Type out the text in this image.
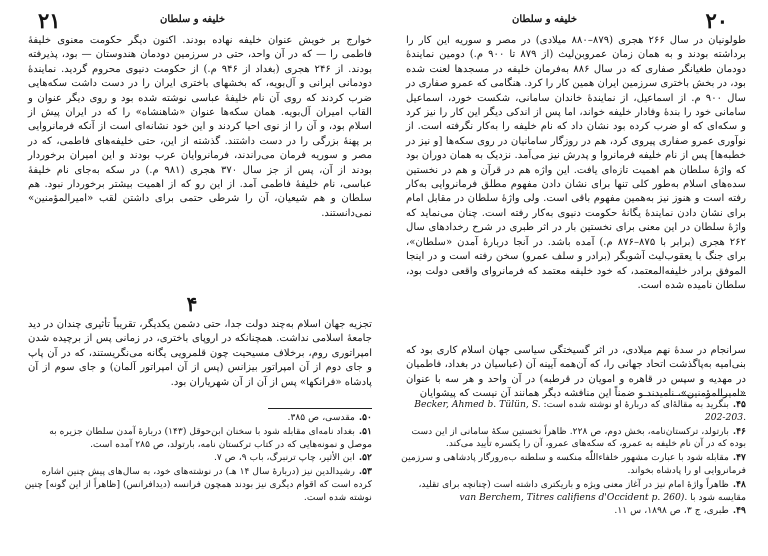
۲۱	خلیفه و سلطان
خوارج بر خویش عنوان خلیفه نهاده بودند. اکنون دیگر حکومت معنوی خلیفهٔ فاطمی را — که در آن واحد، حتی در سرزمین دودمان هندوستان — بود، پذیرفته بودند. از ۲۴۶ هجری (بغداد از ۹۴۶ م.) از حکومت دنیوی محروم گردید. نمایندهٔ دودمانی ایرانی و آل‌بویه، که بخشهای باختری ایران را در دست داشت سکه‌هایی ضرب کردند که روی آن نام خلیفهٔ عباسی نوشته شده بود و روی دیگر عنوان و القاب امیران آل‌بویه. همان سکه‌ها عنوان «شاهنشاه» را که در ایران پیش از اسلام بود، و آن را از نوی احیا کردند و این خود نشانه‌ای است از آنکه فرمانروایی بر پهنهٔ بزرگی را در دست داشتند. گذشته از این، حتی خلیفه‌های فاطمی، که در مصر و سوریه فرمان می‌راندند، فرمانروایان عرب بودند و این امیران برخوردار بودند از آن، پس از جز سال ۳۷۰ هجری (۹۸۱ م.) در سکه به‌جای نام خلیفهٔ عباسی، نام خلیفهٔ فاطمی آمد. از این رو که از اهمیت بیشتر برخوردار نبود. هم سلطان و هم شیعیان، آن را شرطی حتمی برای داشتن لقب «امیرالمؤمنین» نمی‌دانستند.
۴
تجزیه جهان اسلام به‌چند دولت جدا، حتی دشمن یکدیگر، تقریباً تأثیری چندان در دید جامعهٔ اسلامی نداشت. همچنانکه در اروپای باختری، در زمانی پس از برچیده شدن امپراتوری روم، برخلاف مسیحیت چون قلمرویی یگانه می‌نگریستند، که در آن پاپ و جای دوم از آن امپراتور بیزانس (پس از آن امپراتور آلمان) و جای سوم از آن پادشاه «فرانکها» پس از آن از آن شهریاران بود.
۵۰.مقدسی، ص ۳۸۵.
۵۱.بغداد نامه‌ای مقابله شود با سخنان ابن‌حوقل (۱۴۳) دربارهٔ آمدن سلطان جزیره به موصل و نمونه‌هایی که در کتاب ترکستان نامه، بارتولد، ص ۲۸۵ آمده است.
۵۲.ابن الأثیر، چاپ ترنبرگ، باب ۹، ص ۷.
۵۳.رشیدالدین نیز (دربارهٔ سال ۱۴ هـ) در نوشته‌های خود، به سال‌های پیش چنین اشاره کرده است که اقوام دیگری نیز بودند همچون فرانسه (دیدافرانس) [ظاهراً از این گونه] چنین نوشته شده است.
۲۰
خلیفه و سلطان
طولونیان در سال ۲۶۶ هجری (۸۷۹–۸۸۰ میلادی) در مصر و سوریه این کار را برداشته بودند و به همان زمان عمروبن‌لیث (از ۸۷۹ تا ۹۰۰ م.) دومین نمایندهٔ دودمان طغیانگر صفاری که در سال ۸۸۶ به‌فرمان خلیفه در مسجدها لعنت شده بود، در بخش باختری سرزمین ایران همین کار را کرد. هنگامی که عمرو صفاری در سال ۹۰۰ م. از اسماعیل، از نمایندهٔ خاندان سامانی، شکست خورد، اسماعیل سامانی خود را بندهٔ وفادار خلیفه خواند، اما پس از اندکی دیگر این کار را نیز کرد و سکه‌ای که او ضرب کرده بود نشان داد که نام خلیفه را به‌کار نگرفته است. از نوآوری عمرو صفاری پیروی کرد، هم در روزگار سامانیان در روی سکه‌ها [و نیز در خطبه‌ها] پس از نام خلیفه فرمانروا و پدرش نیز می‌آمد. نزدیک به همان دوران بود که واژهٔ سلطان هم اهمیت تازه‌ای یافت. این واژه هم در قرآن و هم در نخستین سده‌های اسلام به‌طور کلی تنها برای نشان دادن مفهوم مطلق فرمانروایی به‌کار رفته است و هنوز نیز به‌همین مفهوم باقی است. ولی واژهٔ سلطان در مقابل امام برای نشان دادن نمایندهٔ یگانهٔ حکومت دنیوی به‌کار رفته است. چنان می‌نماید که واژهٔ سلطان در این معنی برای نخستین بار در اثر طبری در شرح رخدادهای سال ۲۶۲ هجری (برابر با ۸۷۵–۸۷۶ م.) آمده باشد. در آنجا دربارهٔ آمدن «سلطان»، برای جنگ با یعقوب‌لیث آشوبگر (برادر و سلف عمرو) سخن رفته است و در اینجا الموفق برادر خلیفه‌المعتمد، که خود خلیفه معتمد که فرمانروای واقعی دولت بود، سلطان نامیده شده است.
سرانجام در سدهٔ نهم میلادی، در اثر گسیختگی سیاسی جهان اسلام کاری بود که بنی‌امیه به‌پاگذشت اتحاد جهانی را، که آن‌همه آیینه آن (عباسیان در بغداد، فاطمیان در مهدیه و سپس در قاهره و امویان در قرطبه) در آن واحد و هر سه با عنوان «امیرالمؤمنین»، نامیدند و ضمناً این منافشه دیگر همانند آن نیست که پیشوایان
۴۵.بنگرید به مقالهٔ‌ای که دربارهٔ او نوشته شده است: Becker, Ahmed b. Tülün, S. 202-203.
۴۶.بارتولد، ترکستان‌نامه، بخش دوم، ص ۲۲۸. ظاهراً نخستین سکهٔ سامانی از این دست بوده که در آن نام خلیفه به عمرو، که سکه‌های عمرو، آن را یکسره تأیید می‌کند.
۴۷.مقابله شود با عبارت مشهور خلفاءاللّٰه منکسه و سلطنه ب‌ه‌رورگار پادشاهی و سرزمین فرمانروایی او را پادشاه بخواند.
۴۸.ظاهراً واژهٔ امام نیز در آغاز معنی ویژه و باریکتری داشته است (چنانچه برای تقلید، مقایسه شود با van Berchem, Titres califiens d'Occident p. 260).
۴۹.طبری، ج ۳، ص ۱۸۹۸، س ۱۱.
